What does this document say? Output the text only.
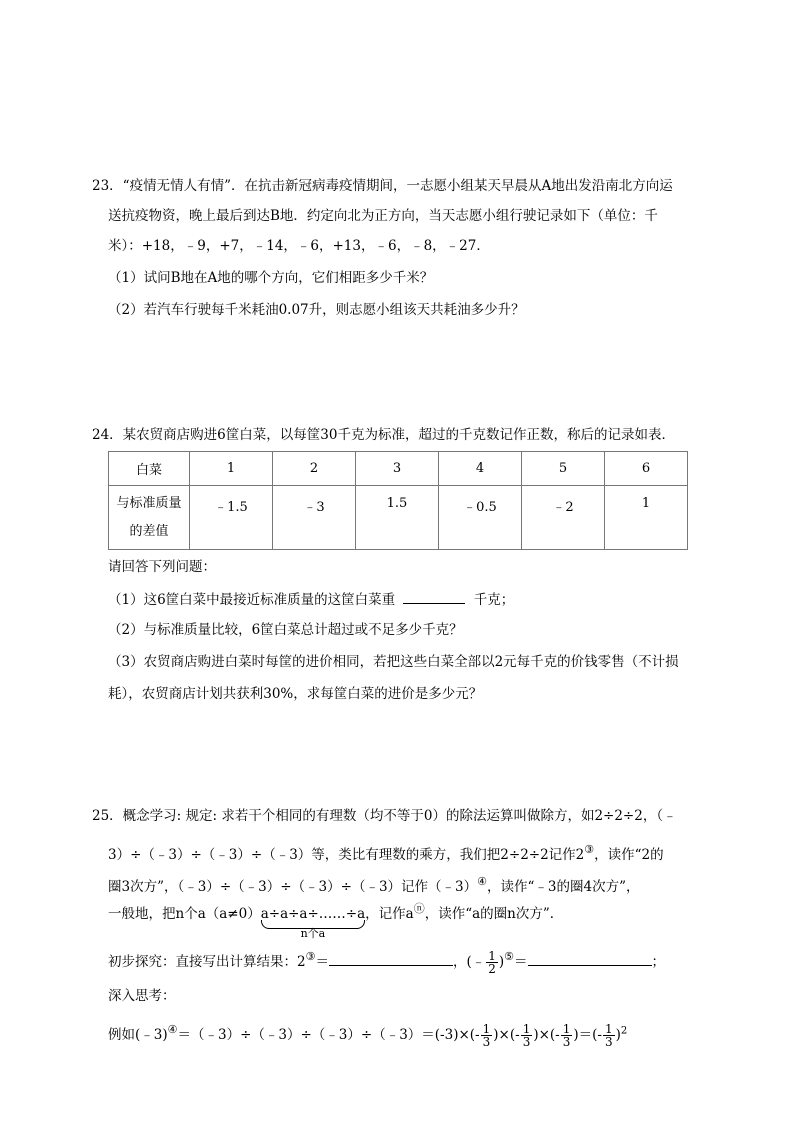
23．“疫情无情人有情”．在抗击新冠病毒疫情期间，一志愿小组某天早晨从A地出发沿南北方向运
送抗疫物资，晚上最后到达B地．约定向北为正方向，当天志愿小组行驶记录如下（单位：千
米）：+18，﹣9，+7，﹣14，﹣6，+13，﹣6，﹣8，﹣27．
（1）试问B地在A地的哪个方向，它们相距多少千米？
（2）若汽车行驶每千米耗油0.07升，则志愿小组该天共耗油多少升？
24．某农贸商店购进6筐白菜，以每筐30千克为标准，超过的千克数记作正数，称后的记录如表．
白菜	1	2	3	4	5	6

与标准质量
的差值	﹣1.5	﹣3	1.5	﹣0.5	﹣2	1
请回答下列问题：
（1）这6筐白菜中最接近标准质量的这筐白菜重	千克；
（2）与标准质量比较，6筐白菜总计超过或不足多少千克？
（3）农贸商店购进白菜时每筐的进价相同，若把这些白菜全部以2元每千克的价钱零售（不计损
耗），农贸商店计划共获利30%，求每筐白菜的进价是多少元？
25．概念学习: 规定: 求若干个相同的有理数（均不等于0）的除法运算叫做除方，如2÷2÷2，（﹣
3）÷（﹣3）÷（﹣3）÷（﹣3）等，类比有理数的乘方，我们把2÷2÷2记作2③，读作“2的
圈3次方”，（﹣3）÷（﹣3）÷（﹣3）÷（﹣3）记作（﹣3）④，读作“﹣3的圈4次方”，
一般地，把n个a（a≠0）a÷a÷a÷……÷a
n个a
，记作aⓝ，读作“a的圈n次方”．
初步探究：直接写出计算结果：2③＝	，(﹣ $\frac{1}{2} )^⑤=$	；
深入思考：
例如(﹣3)④＝（﹣3）÷（﹣3）÷（﹣3）÷（﹣3）＝(-3)×(- $\frac{1}{3}$ )×(- $\frac{1}{3}$ )×(- $\frac{1}{3}$ )＝(- $\frac{1}{3} )^2$
